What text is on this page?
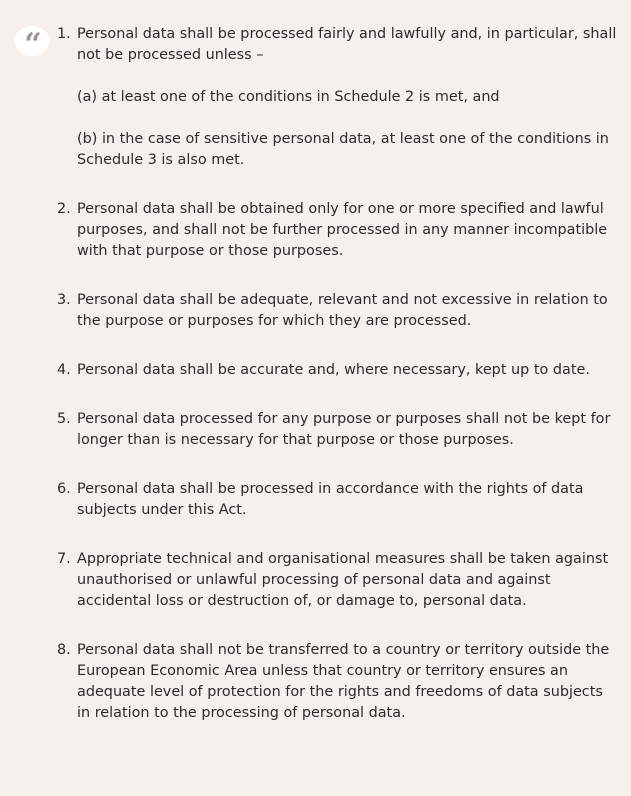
“	1. Personal data shall be processed fairly and lawfully and, in particular, shall not be processed unless –

(a) at least one of the conditions in Schedule 2 is met, and
(b) in the case of sensitive personal data, at least one of the conditions in Schedule 3 is also met.
2. Personal data shall be obtained only for one or more specified and lawful purposes, and shall not be further processed in any manner incompatible with that purpose or those purposes.

3. Personal data shall be adequate, relevant and not excessive in relation to the purpose or purposes for which they are processed.

4. Personal data shall be accurate and, where necessary, kept up to date.

5. Personal data processed for any purpose or purposes shall not be kept for longer than is necessary for that purpose or those purposes.

6. Personal data shall be processed in accordance with the rights of data subjects under this Act.

7. Appropriate technical and organisational measures shall be taken against unauthorised or unlawful processing of personal data and against accidental loss or destruction of, or damage to, personal data.

8. Personal data shall not be transferred to a country or territory outside the European Economic Area unless that country or territory ensures an adequate level of protection for the rights and freedoms of data subjects in relation to the processing of personal data.
